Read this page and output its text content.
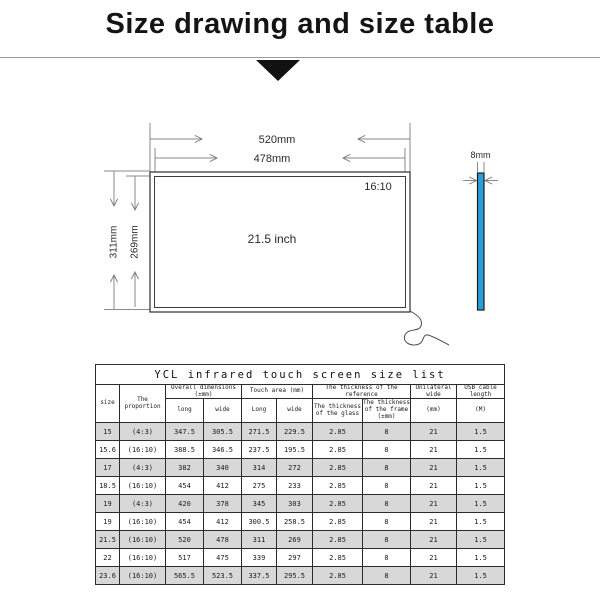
Size drawing and size table
520mm
478mm
311mm 269mm
16:10
21.5 inch
8mm
YCL infrared touch screen size list									
size	The proportion	Overall dimensions (±mm)		Touch area (mm)		The thickness of the reference		Unilateral wide	USB cable length
		long	wide	Long	wide	The thickness of the glass	The thickness of the frame (±mm)	(mm)	(M)
15	(4:3)	347.5	305.5	271.5	229.5	2.85	8	21	1.5
15.6	(16:10)	388.5	346.5	237.5	195.5	2.85	8	21	1.5
17	(4:3)	382	340	314	272	2.85	8	21	1.5
18.5	(16:10)	454	412	275	233	2.85	8	21	1.5
19	(4:3)	420	378	345	303	2.85	8	21	1.5
19	(16:10)	454	412	300.5	258.5	2.85	8	21	1.5
21.5	(16:10)	520	478	311	269	2.85	8	21	1.5
22	(16:10)	517	475	339	297	2.85	8	21	1.5
23.6	(16:10)	565.5	523.5	337.5	295.5	2.85	8	21	1.5
